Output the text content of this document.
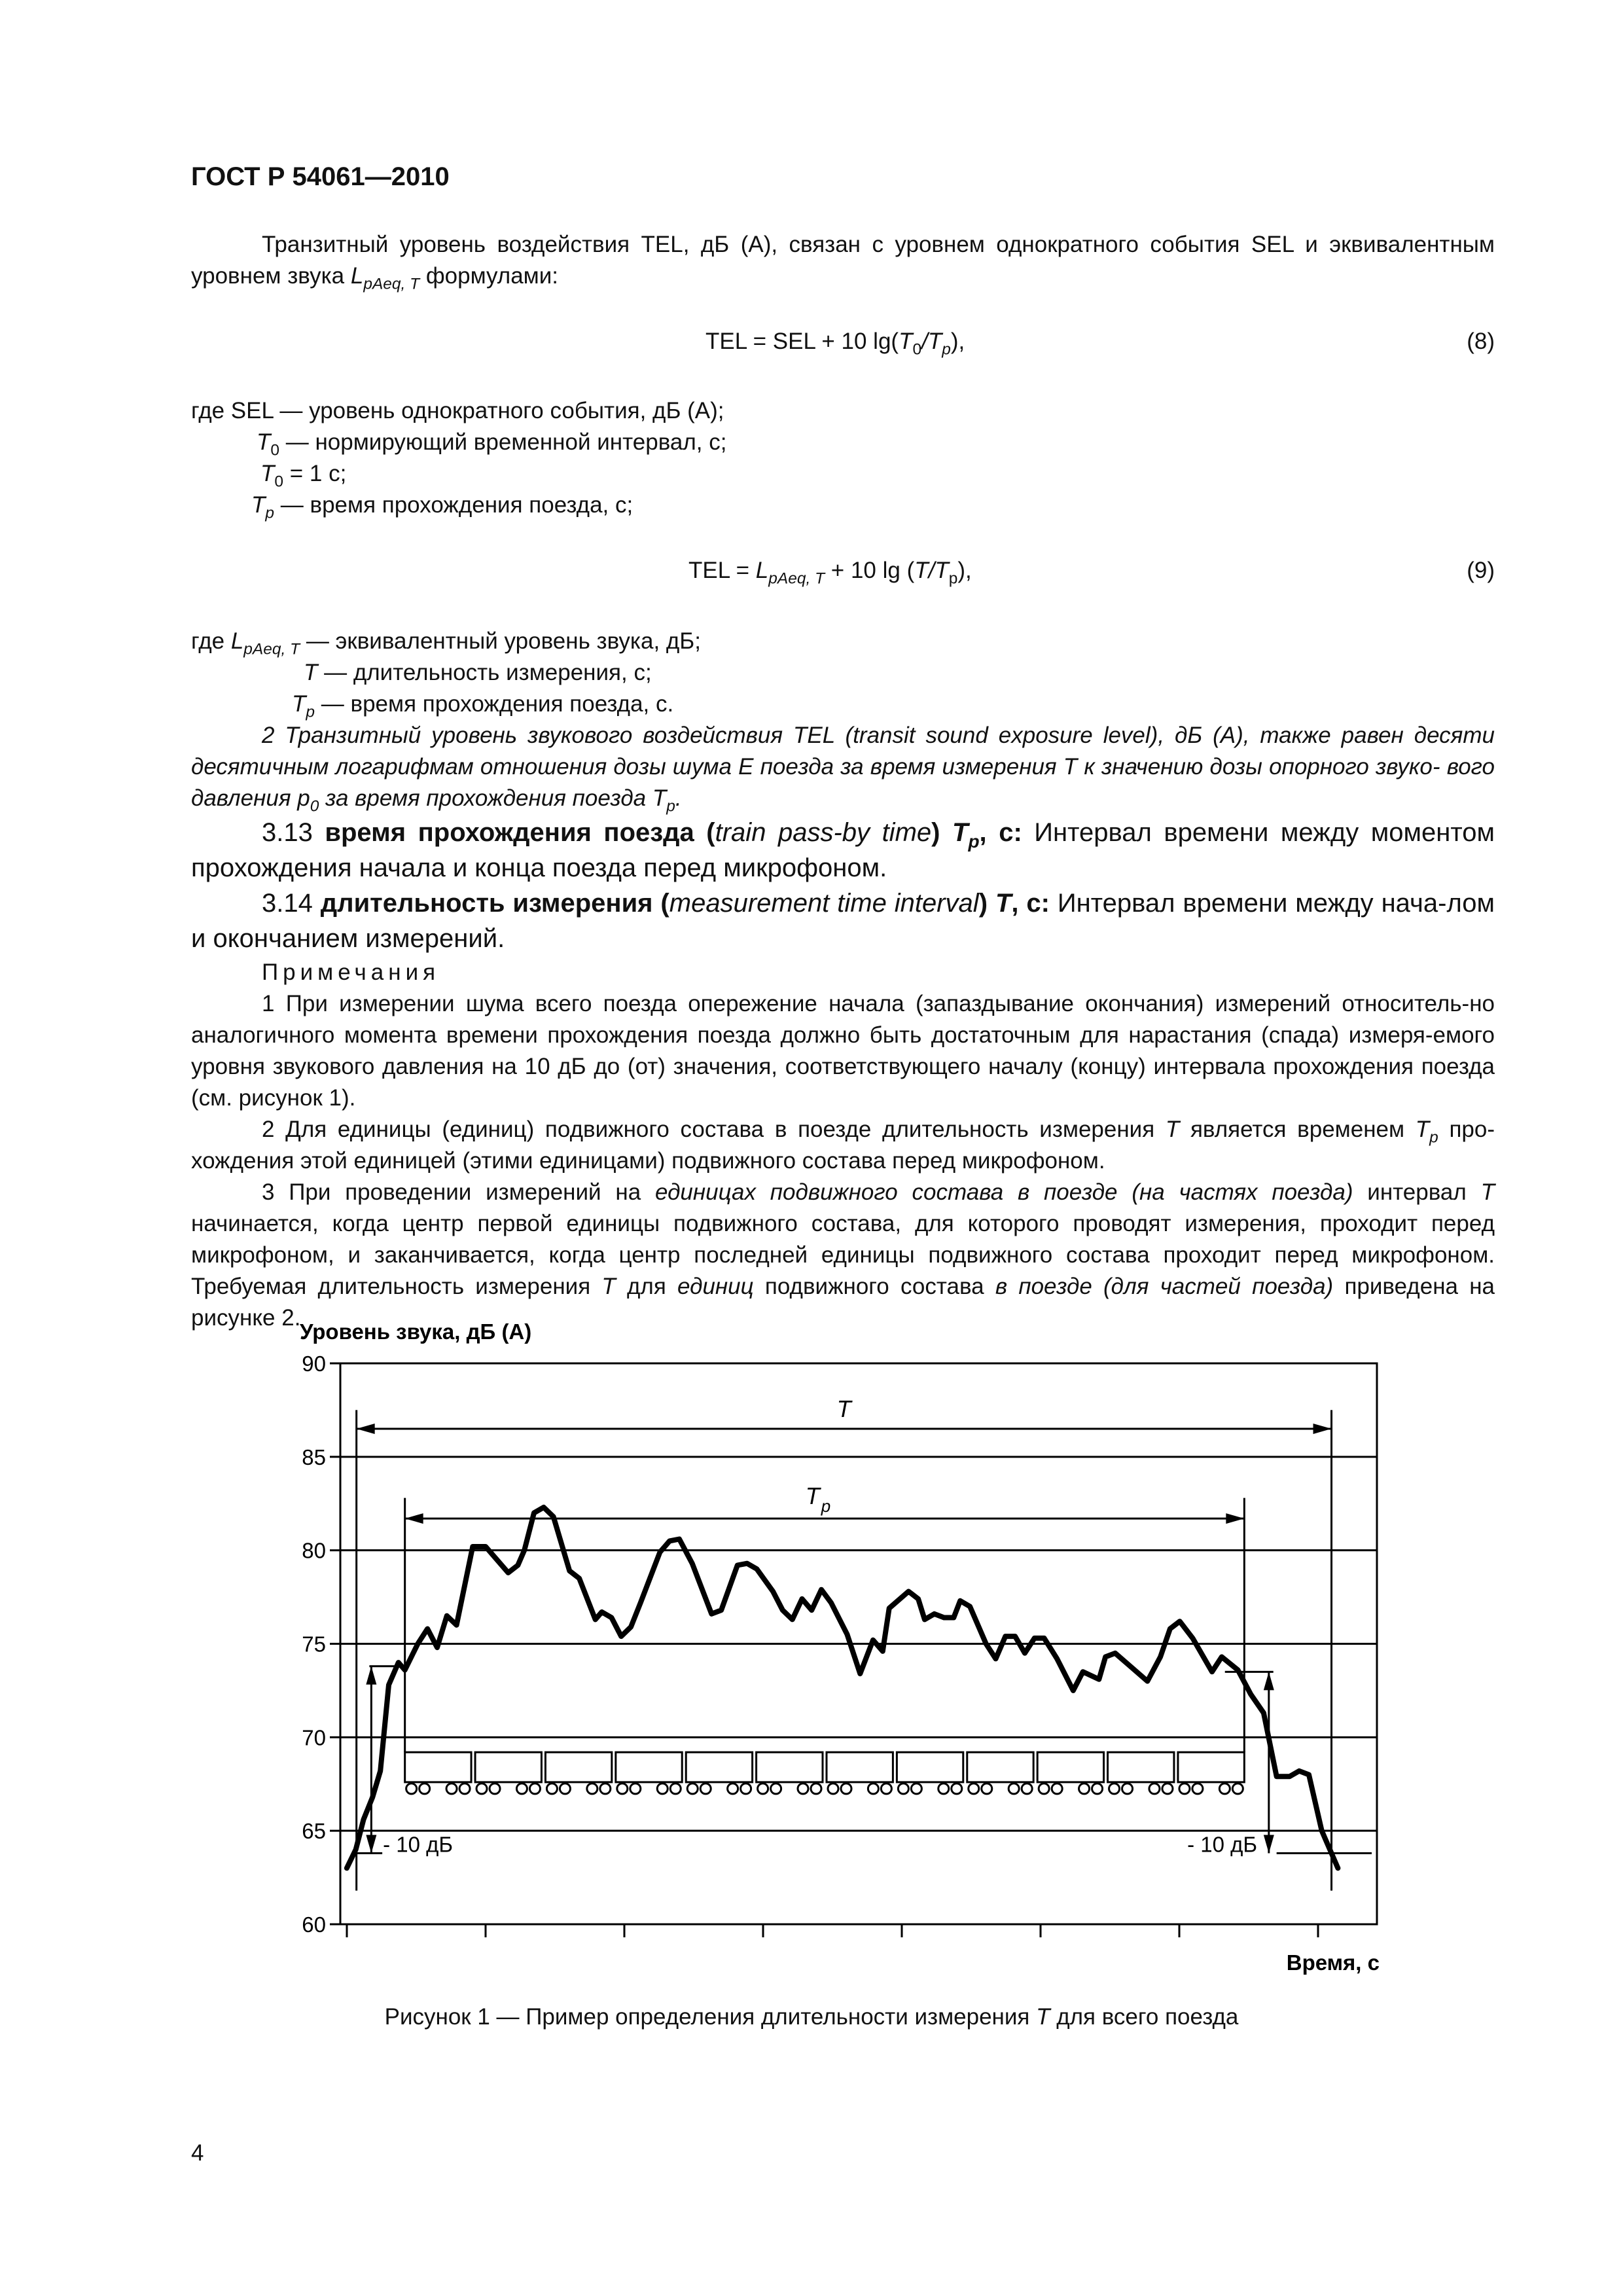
ГОСТ Р 54061—2010
Транзитный уровень воздействия TEL, дБ (A), связан с уровнем однократного события SEL и эквивалентным уровнем звука $L_{pAeq, T}$ формулами:
TEL = SEL + 10 $\lg(T_0/T_p)$,	(8)
где SEL — уровень однократного события, дБ (A);
$T_0$ — нормирующий временной интервал, с;
$T_0 = 1$ с;
$T_p$ — время прохождения поезда, с;
TEL = $L_{pAeq, T} + 10$ $\lg (T/T_p)$,	(9)
где $L_{pAeq, T}$ — эквивалентный уровень звука, дБ;
T — длительность измерения, с;
$T_p$ — время прохождения поезда, с.
2 Транзитный уровень звукового воздействия TEL (transit sound exposure level), дБ (A), также равен десяти десятичным логарифмам отношения дозы шума E поезда за время измерения T к значению дозы опорного звуко- вого давления $p_0$ за время прохождения поезда $T_p$.
3.13 время прохождения поезда (train pass-by time) $T_p$, с: Интервал времени между моментом прохождения начала и конца поезда перед микрофоном.
3.14 длительность измерения (measurement time interval) T, с: Интервал времени между нача-лом и окончанием измерений.
Примечания
1 При измерении шума всего поезда опережение начала (запаздывание окончания) измерений относитель-но аналогичного момента времени прохождения поезда должно быть достаточным для нарастания (спада) измеря-емого уровня звукового давления на 10 дБ до (от) значения, соответствующего началу (концу) интервала прохождения поезда (см. рисунок 1).
2 Для единицы (единиц) подвижного состава в поезде длительность измерения T является временем $T_p$ про-хождения этой единицей (этими единицами) подвижного состава перед микрофоном.
3 При проведении измерений на единицах подвижного состава в поезде (на частях поезда) интервал T начинается, когда центр первой единицы подвижного состава, для которого проводят измерения, проходит перед микрофоном, и заканчивается, когда центр последней единицы подвижного состава проходит перед микрофоном. Требуемая длительность измерения T для единиц подвижного состава в поезде (для частей поезда) приведена на рисунке 2.
Уровень звука, дБ (A)
Время, с
60
65
70
75
80
85
90
T
$T_p$
- 10 дБ	- 10 дБ
Рисунок 1 — Пример определения длительности измерения T для всего поезда
4
